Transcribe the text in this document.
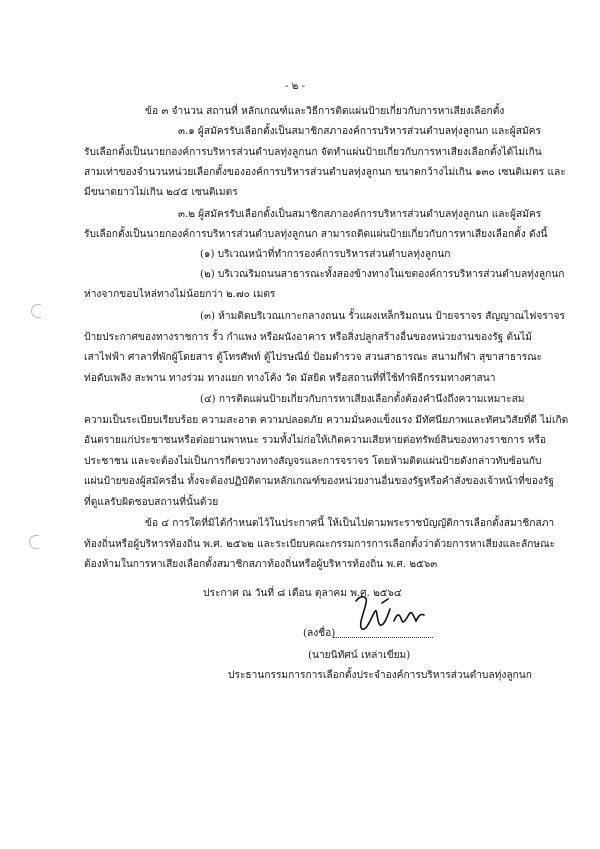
- ๒ -
ข้อ ๓ จำนวน สถานที่ หลักเกณฑ์และวิธีการติดแผ่นป้ายเกี่ยวกับการหาเสียงเลือกตั้ง
๓.๑ ผู้สมัครรับเลือกตั้งเป็นสมาชิกสภาองค์การบริหารส่วนตำบลทุ่งลูกนก และผู้สมัคร
รับเลือกตั้งเป็นนายกองค์การบริหารส่วนตำบลทุ่งลูกนก จัดทำแผ่นป้ายเกี่ยวกับการหาเสียงเลือกตั้งได้ไม่เกิน
สามเท่าของจำนวนหน่วยเลือกตั้งขององค์การบริหารส่วนตำบลทุ่งลูกนก ขนาดกว้างไม่เกิน ๑๓๐ เซนติเมตร และ
มีขนาดยาวไม่เกิน ๒๔๕ เซนติเมตร
๓.๒ ผู้สมัครรับเลือกตั้งเป็นสมาชิกสภาองค์การบริหารส่วนตำบลทุ่งลูกนก และผู้สมัคร
รับเลือกตั้งเป็นนายกองค์การบริหารส่วนตำบลทุ่งลูกนก สามารถติดแผ่นป้ายเกี่ยวกับการหาเสียงเลือกตั้ง ดังนี้
(๑) บริเวณหน้าที่ทำการองค์การบริหารส่วนตำบลทุ่งลูกนก
(๒) บริเวณริมถนนสาธารณะทั้งสองข้างทางในเขตองค์การบริหารส่วนตำบลทุ่งลูกนก
ห่างจากขอบไหล่ทางไม่น้อยกว่า ๒.๗๐ เมตร
(๓) ห้ามติดบริเวณเกาะกลางถนน รั้วแผงเหล็กริมถนน ป้ายจราจร สัญญาณไฟจราจร
ป้ายประกาศของทางราชการ รั้ว กำแพง หรือผนังอาคาร หรือสิ่งปลูกสร้างอื่นของหน่วยงานของรัฐ ต้นไม้
เสาไฟฟ้า ศาลาที่พักผู้โดยสาร ตู้โทรศัพท์ ตู้ไปรษณีย์ ป้อมตำรวจ สวนสาธารณะ สนามกีฬา สุขาสาธารณะ
ท่อดับเพลิง สะพาน ทางร่วม ทางแยก ทางโค้ง วัด มัสยิด หรือสถานที่ที่ใช้ทำพิธีกรรมทางศาสนา
(๔) การติดแผ่นป้ายเกี่ยวกับการหาเสียงเลือกตั้งต้องคำนึงถึงความเหมาะสม
ความเป็นระเบียบเรียบร้อย ความสะอาด ความปลอดภัย ความมั่นคงแข็งแรง มีทัศนียภาพและทัศนวิสัยที่ดี ไม่เกิด
อันตรายแก่ประชาชนหรือต่อยานพาหนะ รวมทั้งไม่ก่อให้เกิดความเสียหายต่อทรัพย์สินของทางราชการ หรือ
ประชาชน และจะต้องไม่เป็นการกีดขวางทางสัญจรและการจราจร โดยห้ามติดแผ่นป้ายดังกล่าวทับซ้อนกับ
แผ่นป้ายของผู้สมัครอื่น ทั้งจะต้องปฏิบัติตามหลักเกณฑ์ของหน่วยงานอื่นของรัฐหรือคำสั่งของเจ้าหน้าที่ของรัฐ
ที่ดูแลรับผิดชอบสถานที่นั้นด้วย
ข้อ ๔ การใดที่มิได้กำหนดไว้ในประกาศนี้ ให้เป็นไปตามพระราชบัญญัติการเลือกตั้งสมาชิกสภา
ท้องถิ่นหรือผู้บริหารท้องถิ่น พ.ศ. ๒๕๖๒ และระเบียบคณะกรรมการการเลือกตั้งว่าด้วยการหาเสียงและลักษณะ
ต้องห้ามในการหาเสียงเลือกตั้งสมาชิกสภาท้องถิ่นหรือผู้บริหารท้องถิ่น พ.ศ. ๒๕๖๓
ประกาศ ณ วันที่ ๘ เดือน ตุลาคม พ.ศ. ๒๕๖๔
(ลงชื่อ)
(นายนิทัศน์ เหล่าเขียม)
ประธานกรรมการการเลือกตั้งประจำองค์การบริหารส่วนตำบลทุ่งลูกนก
